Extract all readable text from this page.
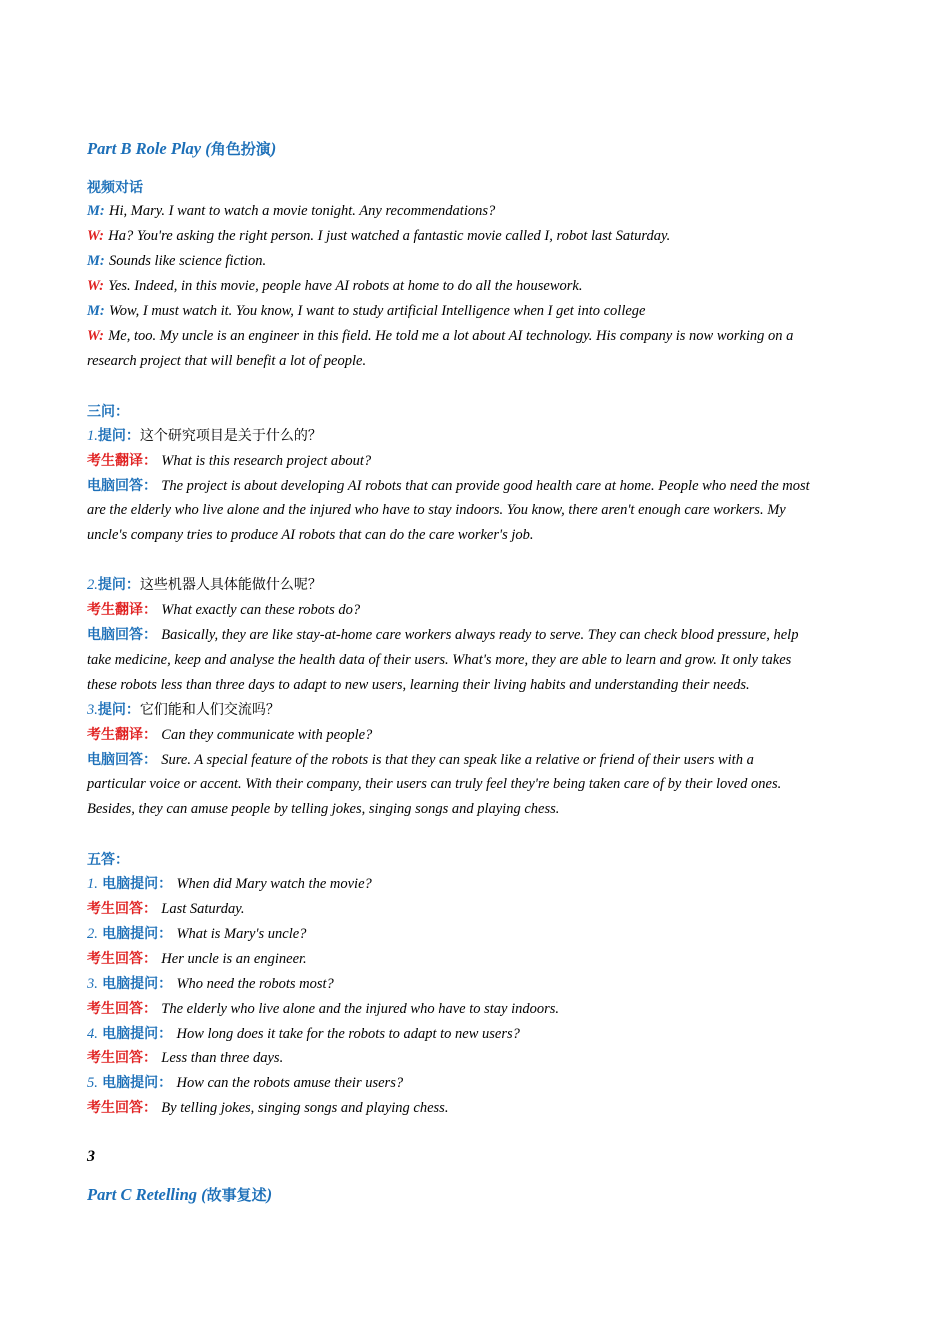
Part B Role Play (角色扮演)
视频对话
M: Hi, Mary. I want to watch a movie tonight. Any recommendations?
W: Ha? You're asking the right person. I just watched a fantastic movie called I, robot last Saturday.
M: Sounds like science fiction.
W: Yes. Indeed, in this movie, people have AI robots at home to do all the housework.
M: Wow, I must watch it. You know, I want to study artificial Intelligence when I get into college
W: Me, too. My uncle is an engineer in this field. He told me a lot about AI technology. His company is now working on a
research project that will benefit a lot of people.
三问：
1.提问：这个研究项目是关于什么的？
考生翻译： What is this research project about?
电脑回答： The project is about developing AI robots that can provide good health care at home. People who need the most
are the elderly who live alone and the injured who have to stay indoors. You know, there aren't enough care workers. My
uncle's company tries to produce AI robots that can do the care worker's job.
2.提问：这些机器人具体能做什么呢？
考生翻译： What exactly can these robots do?
电脑回答： Basically, they are like stay-at-home care workers always ready to serve. They can check blood pressure, help
take medicine, keep and analyse the health data of their users. What's more, they are able to learn and grow. It only takes
these robots less than three days to adapt to new users, learning their living habits and understanding their needs.
3.提问：它们能和人们交流吗？
考生翻译： Can they communicate with people?
电脑回答： Sure. A special feature of the robots is that they can speak like a relative or friend of their users with a
particular voice or accent. With their company, their users can truly feel they're being taken care of by their loved ones.
Besides, they can amuse people by telling jokes, singing songs and playing chess.
五答：
1. 电脑提问： When did Mary watch the movie?
考生回答： Last Saturday.
2. 电脑提问： What is Mary's uncle?
考生回答： Her uncle is an engineer.
3. 电脑提问： Who need the robots most?
考生回答： The elderly who live alone and the injured who have to stay indoors.
4. 电脑提问： How long does it take for the robots to adapt to new users?
考生回答： Less than three days.
5. 电脑提问： How can the robots amuse their users?
考生回答： By telling jokes, singing songs and playing chess.
3
Part C Retelling (故事复述)
